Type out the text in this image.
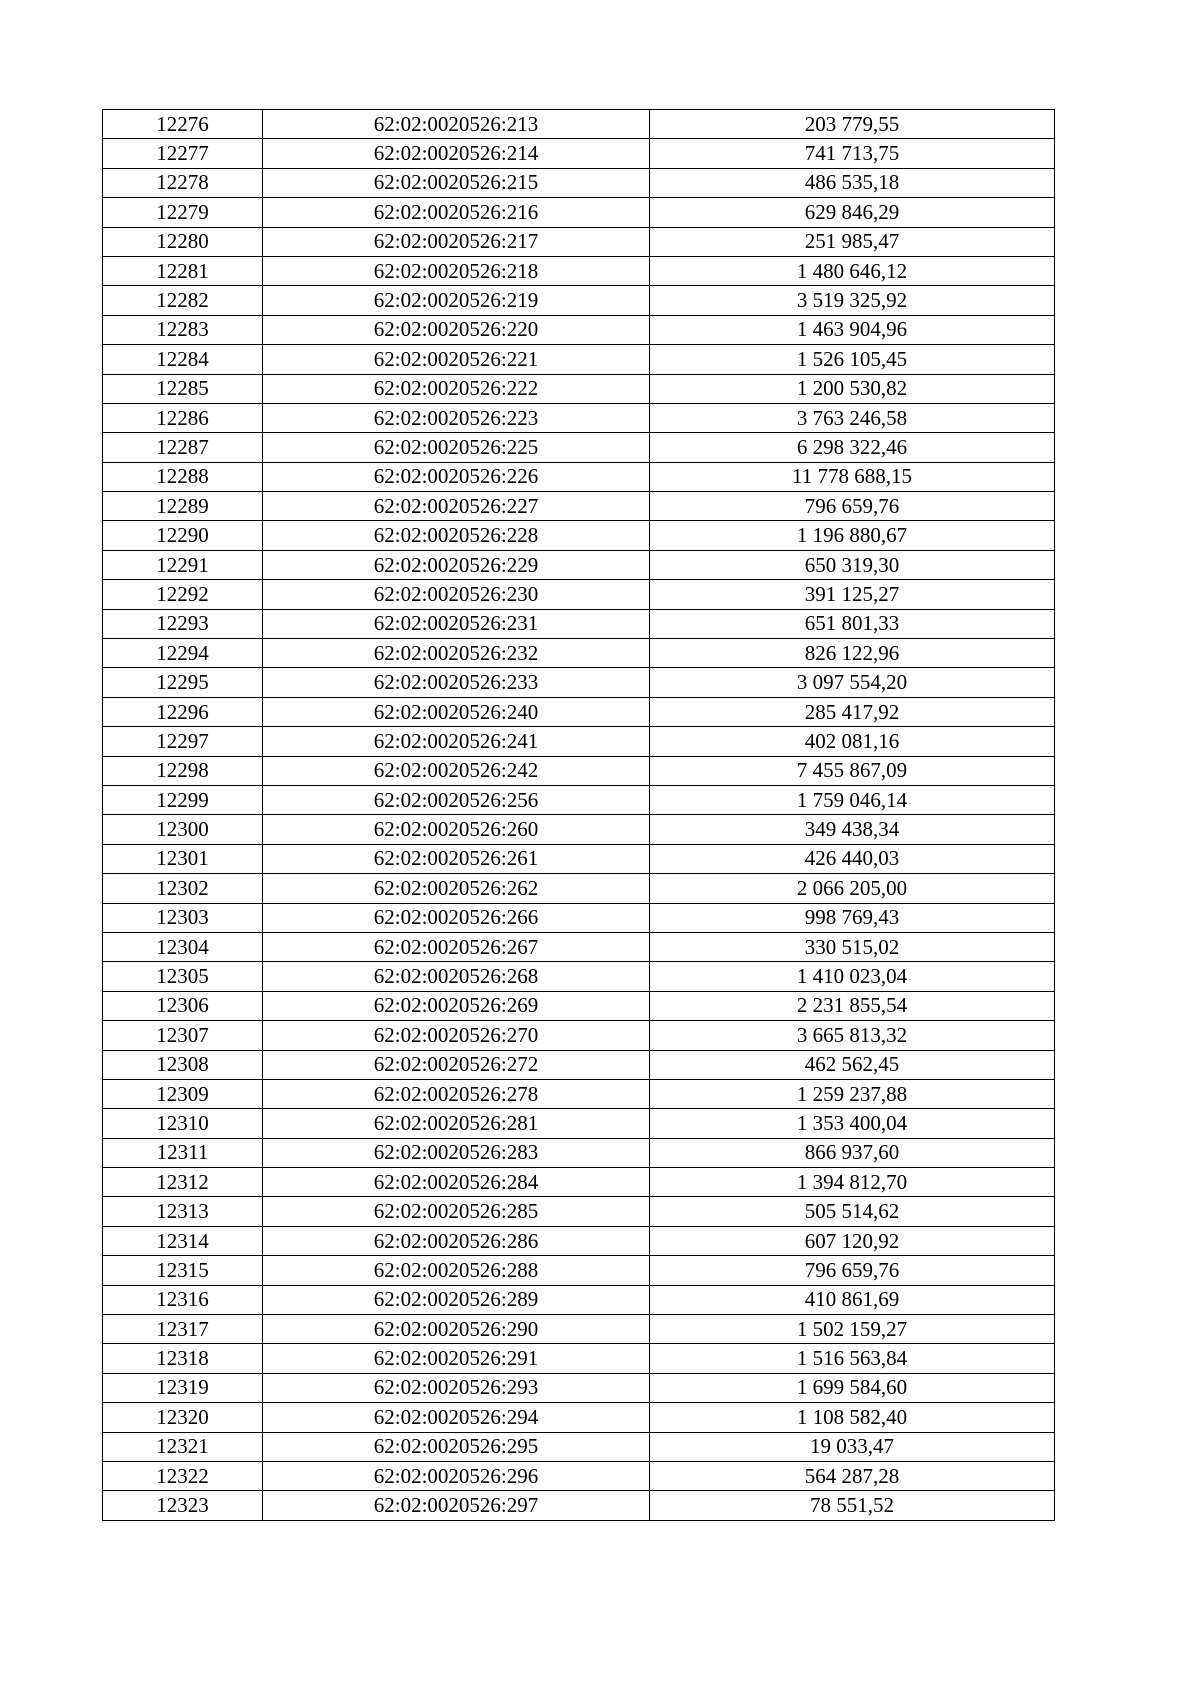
12276	62:02:0020526:213	203 779,55
12277	62:02:0020526:214	741 713,75
12278	62:02:0020526:215	486 535,18
12279	62:02:0020526:216	629 846,29
12280	62:02:0020526:217	251 985,47
12281	62:02:0020526:218	1 480 646,12
12282	62:02:0020526:219	3 519 325,92
12283	62:02:0020526:220	1 463 904,96
12284	62:02:0020526:221	1 526 105,45
12285	62:02:0020526:222	1 200 530,82
12286	62:02:0020526:223	3 763 246,58
12287	62:02:0020526:225	6 298 322,46
12288	62:02:0020526:226	11 778 688,15
12289	62:02:0020526:227	796 659,76
12290	62:02:0020526:228	1 196 880,67
12291	62:02:0020526:229	650 319,30
12292	62:02:0020526:230	391 125,27
12293	62:02:0020526:231	651 801,33
12294	62:02:0020526:232	826 122,96
12295	62:02:0020526:233	3 097 554,20
12296	62:02:0020526:240	285 417,92
12297	62:02:0020526:241	402 081,16
12298	62:02:0020526:242	7 455 867,09
12299	62:02:0020526:256	1 759 046,14
12300	62:02:0020526:260	349 438,34
12301	62:02:0020526:261	426 440,03
12302	62:02:0020526:262	2 066 205,00
12303	62:02:0020526:266	998 769,43
12304	62:02:0020526:267	330 515,02
12305	62:02:0020526:268	1 410 023,04
12306	62:02:0020526:269	2 231 855,54
12307	62:02:0020526:270	3 665 813,32
12308	62:02:0020526:272	462 562,45
12309	62:02:0020526:278	1 259 237,88
12310	62:02:0020526:281	1 353 400,04
12311	62:02:0020526:283	866 937,60
12312	62:02:0020526:284	1 394 812,70
12313	62:02:0020526:285	505 514,62
12314	62:02:0020526:286	607 120,92
12315	62:02:0020526:288	796 659,76
12316	62:02:0020526:289	410 861,69
12317	62:02:0020526:290	1 502 159,27
12318	62:02:0020526:291	1 516 563,84
12319	62:02:0020526:293	1 699 584,60
12320	62:02:0020526:294	1 108 582,40
12321	62:02:0020526:295	19 033,47
12322	62:02:0020526:296	564 287,28
12323	62:02:0020526:297	78 551,52
